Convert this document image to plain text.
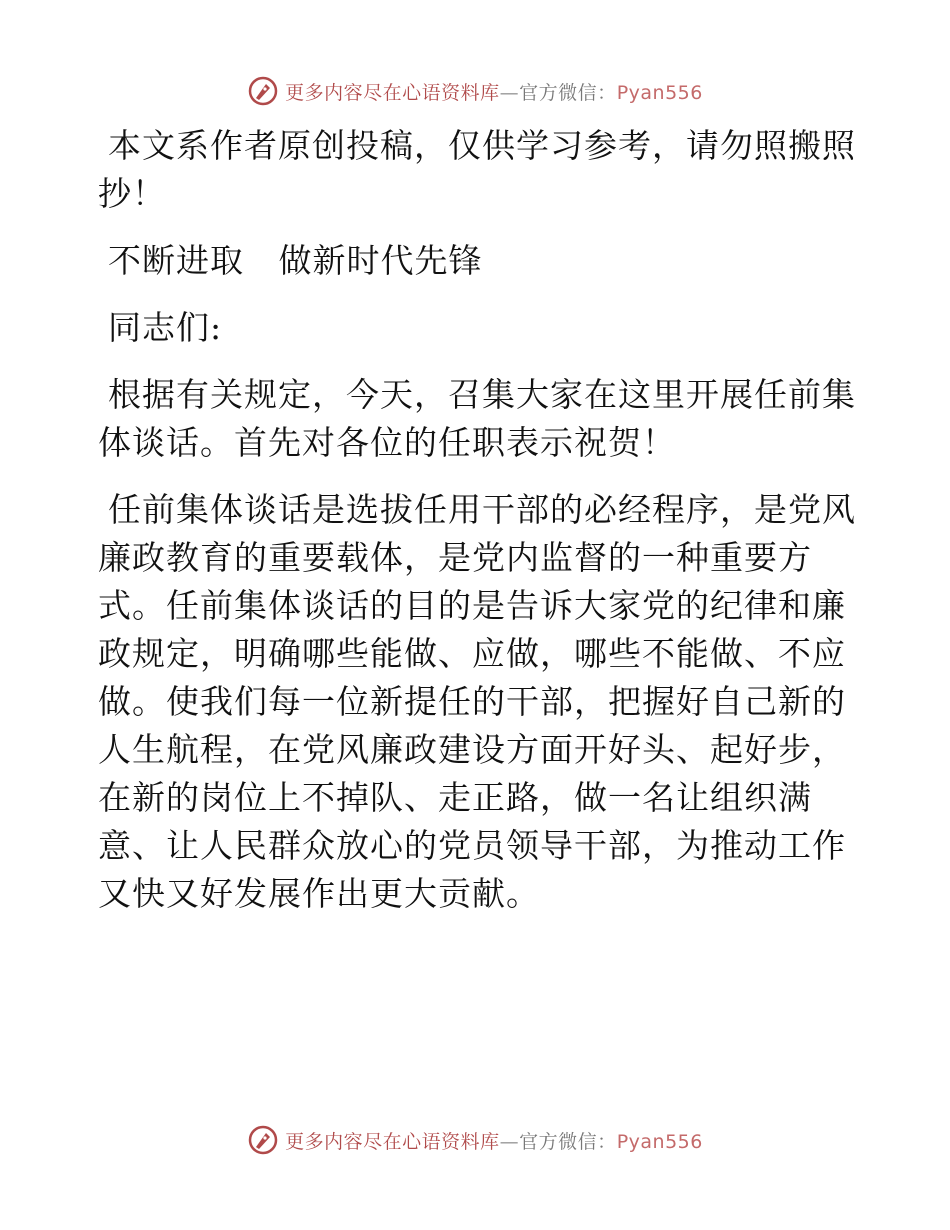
更多内容尽在心语资料库—官方微信：Pyan556

本文系作者原创投稿，仅供学习参考，请勿照搬照抄！

不断进取   做新时代先锋

同志们:

根据有关规定，今天，召集大家在这里开展任前集体谈话。首先对各位的任职表示祝贺！

任前集体谈话是选拔任用干部的必经程序，是党风廉政教育的重要载体，是党内监督的一种重要方式。任前集体谈话的目的是告诉大家党的纪律和廉政规定，明确哪些能做、应做，哪些不能做、不应做。使我们每一位新提任的干部，把握好自己新的人生航程，在党风廉政建设方面开好头、起好步，在新的岗位上不掉队、走正路，做一名让组织满意、让人民群众放心的党员领导干部，为推动工作又快又好发展作出更大贡献。

更多内容尽在心语资料库—官方微信：Pyan556
